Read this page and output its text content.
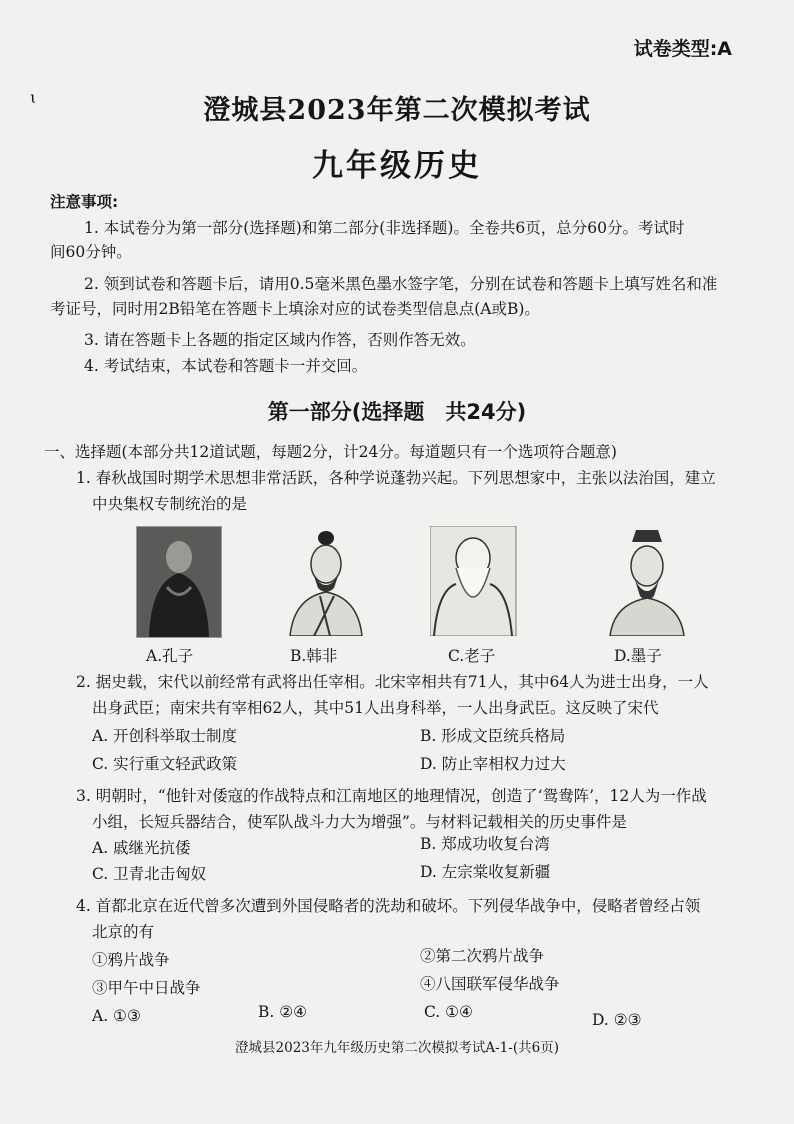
ɩ
试卷类型:A
澄城县2023年第二次模拟考试
九年级历史
注意事项:
1. 本试卷分为第一部分(选择题)和第二部分(非选择题)。全卷共6页，总分60分。考试时
间60分钟。
2. 领到试卷和答题卡后，请用0.5毫米黑色墨水签字笔，分别在试卷和答题卡上填写姓名和准
考证号，同时用2B铅笔在答题卡上填涂对应的试卷类型信息点(A或B)。
3. 请在答题卡上各题的指定区域内作答，否则作答无效。
4. 考试结束，本试卷和答题卡一并交回。
第一部分(选择题　共24分)
一、选择题(本部分共12道试题，每题2分，计24分。每道题只有一个选项符合题意)
1. 春秋战国时期学术思想非常活跃，各种学说蓬勃兴起。下列思想家中，主张以法治国，建立
中央集权专制统治的是
A.孔子	B.韩非	C.老子	D.墨子
2. 据史载，宋代以前经常有武将出任宰相。北宋宰相共有71人，其中64人为进士出身，一人
出身武臣；南宋共有宰相62人，其中51人出身科举，一人出身武臣。这反映了宋代
A. 开创科举取士制度	B. 形成文臣统兵格局
C. 实行重文轻武政策	D. 防止宰相权力过大
3. 明朝时，“他针对倭寇的作战特点和江南地区的地理情况，创造了‘鸳鸯阵’，12人为一作战
小组，长短兵器结合，使军队战斗力大为增强”。与材料记载相关的历史事件是
A. 戚继光抗倭	B. 郑成功收复台湾
C. 卫青北击匈奴	D. 左宗棠收复新疆
4. 首都北京在近代曾多次遭到外国侵略者的洗劫和破坏。下列侵华战争中，侵略者曾经占领
北京的有
①鸦片战争	②第二次鸦片战争
③甲午中日战争	④八国联军侵华战争
A. ①③	B. ②④	C. ①④	D. ②③
澄城县2023年九年级历史第二次模拟考试A-1-(共6页)
